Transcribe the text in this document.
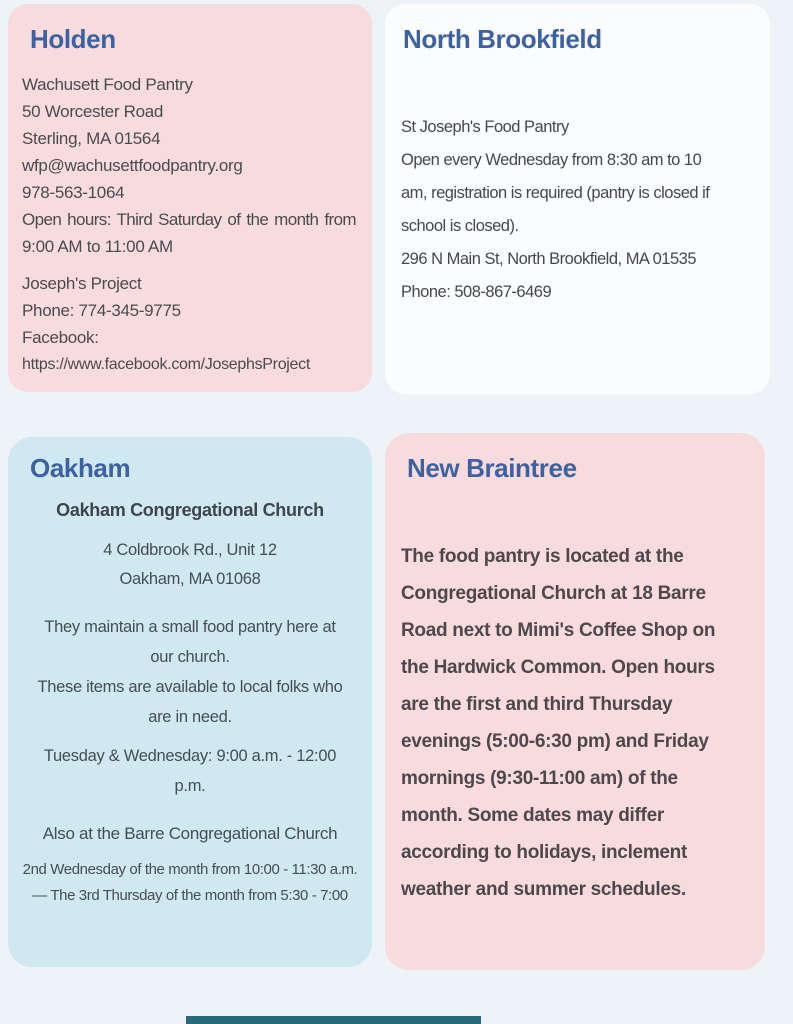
Holden
Wachusett Food Pantry
50 Worcester Road
Sterling, MA 01564
wfp@wachusettfoodpantry.org
978-563-1064
Open hours: Third Saturday of the month from
9:00 AM to 11:00 AM
Joseph's Project
Phone: 774-345-9775
Facebook:
https://www.facebook.com/JosephsProject
North Brookfield
St Joseph's Food Pantry
Open every Wednesday from 8:30 am to 10
am, registration is required (pantry is closed if
school is closed).
296 N Main St, North Brookfield, MA 01535
Phone: 508-867-6469
Oakham
Oakham Congregational Church
4 Coldbrook Rd., Unit 12
Oakham, MA 01068
They maintain a small food pantry here at
our church.
These items are available to local folks who
are in need.
Tuesday & Wednesday: 9:00 a.m. - 12:00
p.m.
Also at the Barre Congregational Church
2nd Wednesday of the month from 10:00 - 11:30 a.m.
— The 3rd Thursday of the month from 5:30 - 7:00
New Braintree
The food pantry is located at the
Congregational Church at 18 Barre
Road next to Mimi's Coffee Shop on
the Hardwick Common. Open hours
are the first and third Thursday
evenings (5:00-6:30 pm) and Friday
mornings (9:30-11:00 am) of the
month. Some dates may differ
according to holidays, inclement
weather and summer schedules.
